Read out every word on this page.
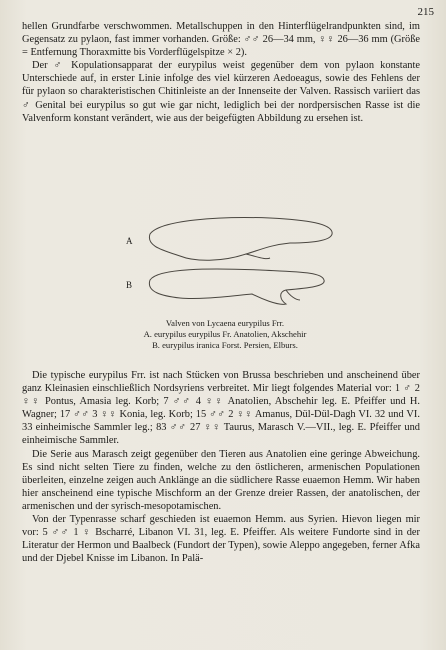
215

hellen Grundfarbe verschwommen. Metallschuppen in den Hinterflügelrandpunkten sind, im Gegensatz zu pylaon, fast immer vorhanden. Größe: ♂♂ 26—34 mm, ♀♀ 26—36 mm (Größe = Entfernung Thoraxmitte bis Vorderflügelspitze × 2).

Der ♂ Kopulationsapparat der eurypilus weist gegenüber dem von pylaon konstante Unterschiede auf, in erster Linie infolge des viel kürzeren Aedoeagus, sowie des Fehlens der für pylaon so charakteristischen Chitinleiste an der Innenseite der Valven. Rassisch variiert das ♂ Genital bei eurypilus so gut wie gar nicht, lediglich bei der nordpersischen Rasse ist die Valvenform konstant verändert, wie aus der beigefügten Abbildung zu ersehen ist.

A
B
Valven von Lycaena eurypilus Frr.
A. eurypilus eurypilus Fr. Anatolien, Akschehir
B. eurypilus iranica Forst. Persien, Elburs.

Die typische eurypilus Frr. ist nach Stücken von Brussa beschrieben und anscheinend über ganz Kleinasien einschließlich Nordsyriens verbreitet. Mir liegt folgendes Material vor: 1 ♂ 2 ♀♀ Pontus, Amasia leg. Korb; 7 ♂♂ 4 ♀♀ Anatolien, Abschehir leg. E. Pfeiffer und H. Wagner; 17 ♂♂ 3 ♀♀ Konia, leg. Korb; 15 ♂♂ 2 ♀♀ Amanus, Dül-Dül-Dagh VI. 32 und VI. 33 einheimische Sammler leg.; 83 ♂♂ 27 ♀♀ Taurus, Marasch V.—VII., leg. E. Pfeiffer und einheimische Sammler.

Die Serie aus Marasch zeigt gegenüber den Tieren aus Anatolien eine geringe Abweichung. Es sind nicht selten Tiere zu finden, welche zu den östlicheren, armenischen Populationen überleiten, einzelne zeigen auch Anklänge an die südlichere Rasse euaemon Hemm. Wir haben hier anscheinend eine typische Mischform an der Grenze dreier Rassen, der anatolischen, der armenischen und der syrisch-mesopotamischen.

Von der Typenrasse scharf geschieden ist euaemon Hemm. aus Syrien. Hievon liegen mir vor: 5 ♂♂ 1 ♀ Bscharré, Libanon VI. 31, leg. E. Pfeiffer. Als weitere Fundorte sind in der Literatur der Hermon und Baalbeck (Fundort der Typen), sowie Aleppo angegeben, ferner Afka und der Djebel Knisse im Libanon. In Palä-
